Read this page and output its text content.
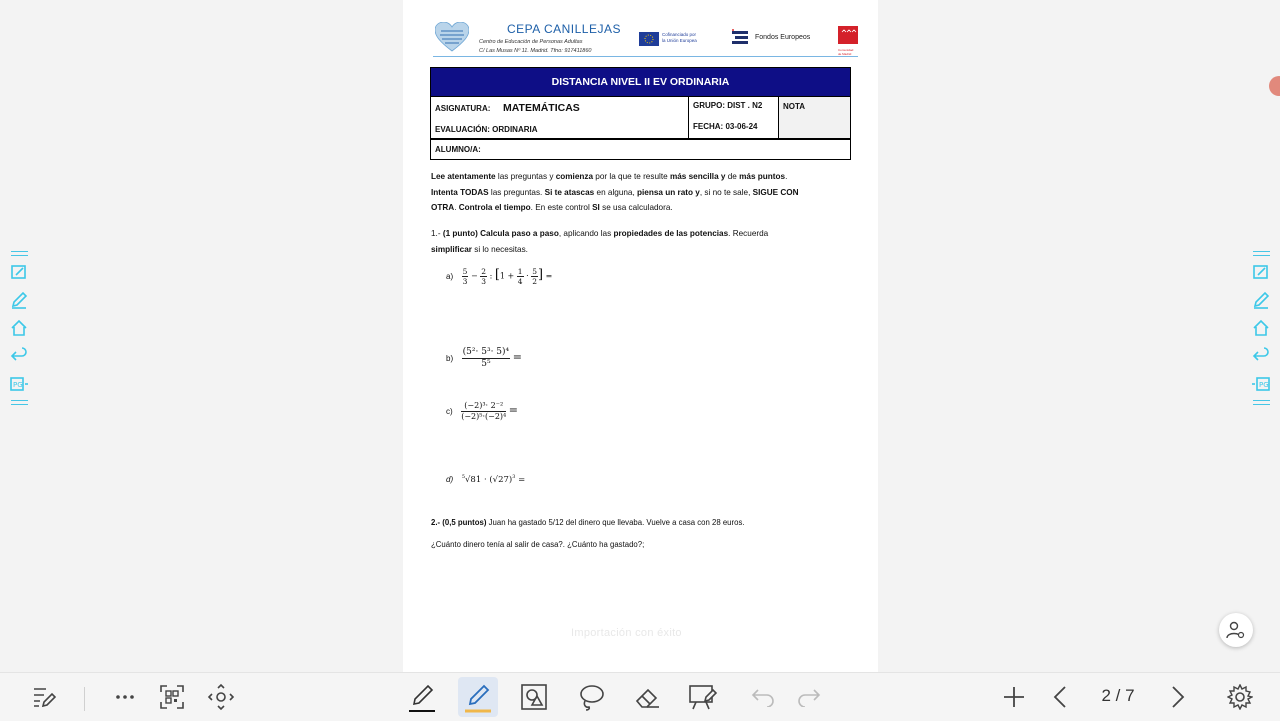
CEPA CANILLEJAS
Centro de Educación de Personas Adultas
C/ Las Musas Nº 11. Madrid. Tfno: 917411860
Cofinanciado por
la Unión Europea	Fondos Europeos
Comunidad
de Madrid
DISTANCIA NIVEL II EV ORDINARIA
ASIGNATURA: MATEMÁTICAS
EVALUACIÓN: ORDINARIA
GRUPO: DIST . N2
FECHA: 03-06-24
NOTA
ALUMNO/A:
Lee atentamente las preguntas y comienza por la que te resulte más sencilla y de más puntos.
Intenta TODAS las preguntas. Si te atascas en alguna, piensa un rato y, si no te sale, SIGUE CON
OTRA. Controla el tiempo. En este control SI se usa calculadora.
1.- (1 punto) Calcula paso a paso, aplicando las propiedades de las potencias. Recuerda
simplificar si lo necesitas.
$a) \frac{5}{3} - \frac{2}{3}$ : [$1 + \frac{1}{4} \cdot \frac{5}{2}$ ] =
$b) \frac{\text{(5²· 5³· 5)⁴}}{\text{5⁵}}$ =
$c) \frac{\text{(−2)³· 2⁻²}}{\text{(−2)⁵·(−2)⁴}}$ =
d) $^5√81 \cdot (√27)^3$ =
2.- (0,5 puntos) Juan ha gastado 5/12 del dinero que llevaba. Vuelve a casa con 28 euros.
¿Cuánto dinero tenía al salir de casa?. ¿Cuánto ha gastado?;
Importación con éxito
PG	PG
2 / 7
